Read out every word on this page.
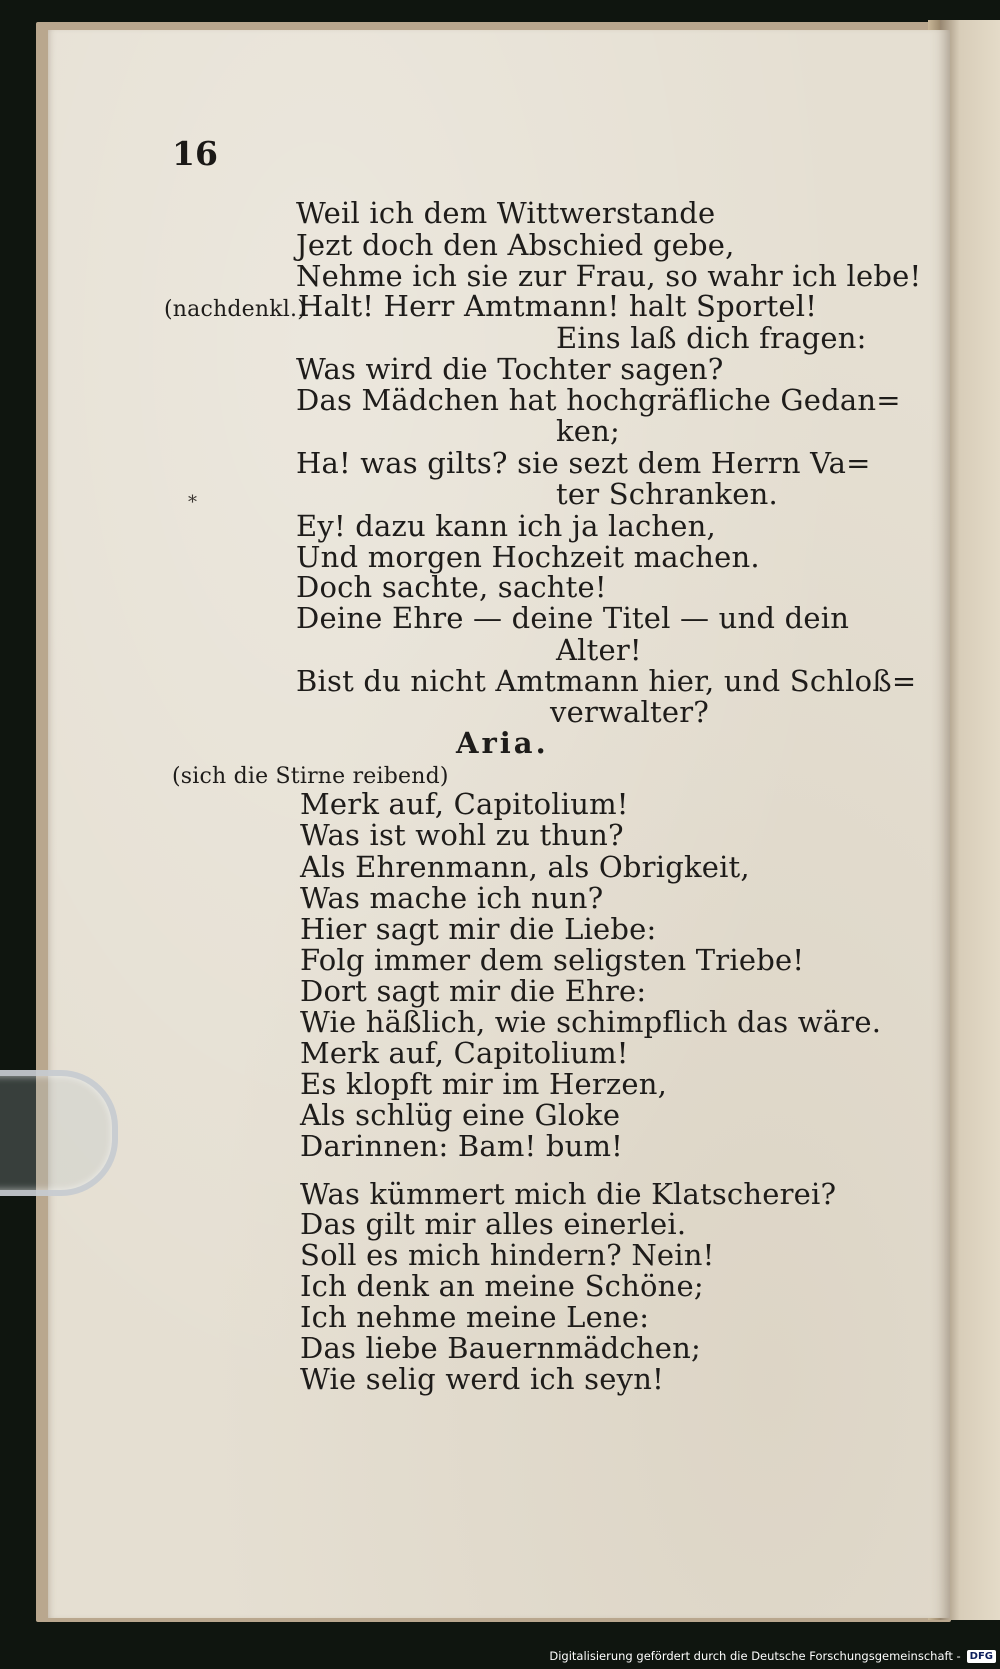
16
*
Weil ich dem Wittwerstande
Jezt doch den Abschied gebe,
Nehme ich sie zur Frau, so wahr ich lebe!
(nachdenkl.)
Halt! Herr Amtmann! halt Sportel!
Eins laß dich fragen:
Was wird die Tochter sagen?
Das Mädchen hat hochgräfliche Gedan=
ken;
Ha! was gilts? sie sezt dem Herrn Va=
ter Schranken.
Ey! dazu kann ich ja lachen,
Und morgen Hochzeit machen.
Doch sachte, sachte!
Deine Ehre — deine Titel — und dein
Alter!
Bist du nicht Amtmann hier, und Schloß=
verwalter?
Aria.
(sich die Stirne reibend)
Merk auf, Capitolium!
Was ist wohl zu thun?
Als Ehrenmann, als Obrigkeit,
Was mache ich nun?
Hier sagt mir die Liebe:
Folg immer dem seligsten Triebe!
Dort sagt mir die Ehre:
Wie häßlich, wie schimpflich das wäre.
Merk auf, Capitolium!
Es klopft mir im Herzen,
Als schlüg eine Gloke
Darinnen: Bam! bum!
Was kümmert mich die Klatscherei?
Das gilt mir alles einerlei.
Soll es mich hindern? Nein!
Ich denk an meine Schöne;
Ich nehme meine Lene:
Das liebe Bauernmädchen;
Wie selig werd ich seyn!
Digitalisierung gefördert durch die Deutsche Forschungsgemeinschaft - DFG
